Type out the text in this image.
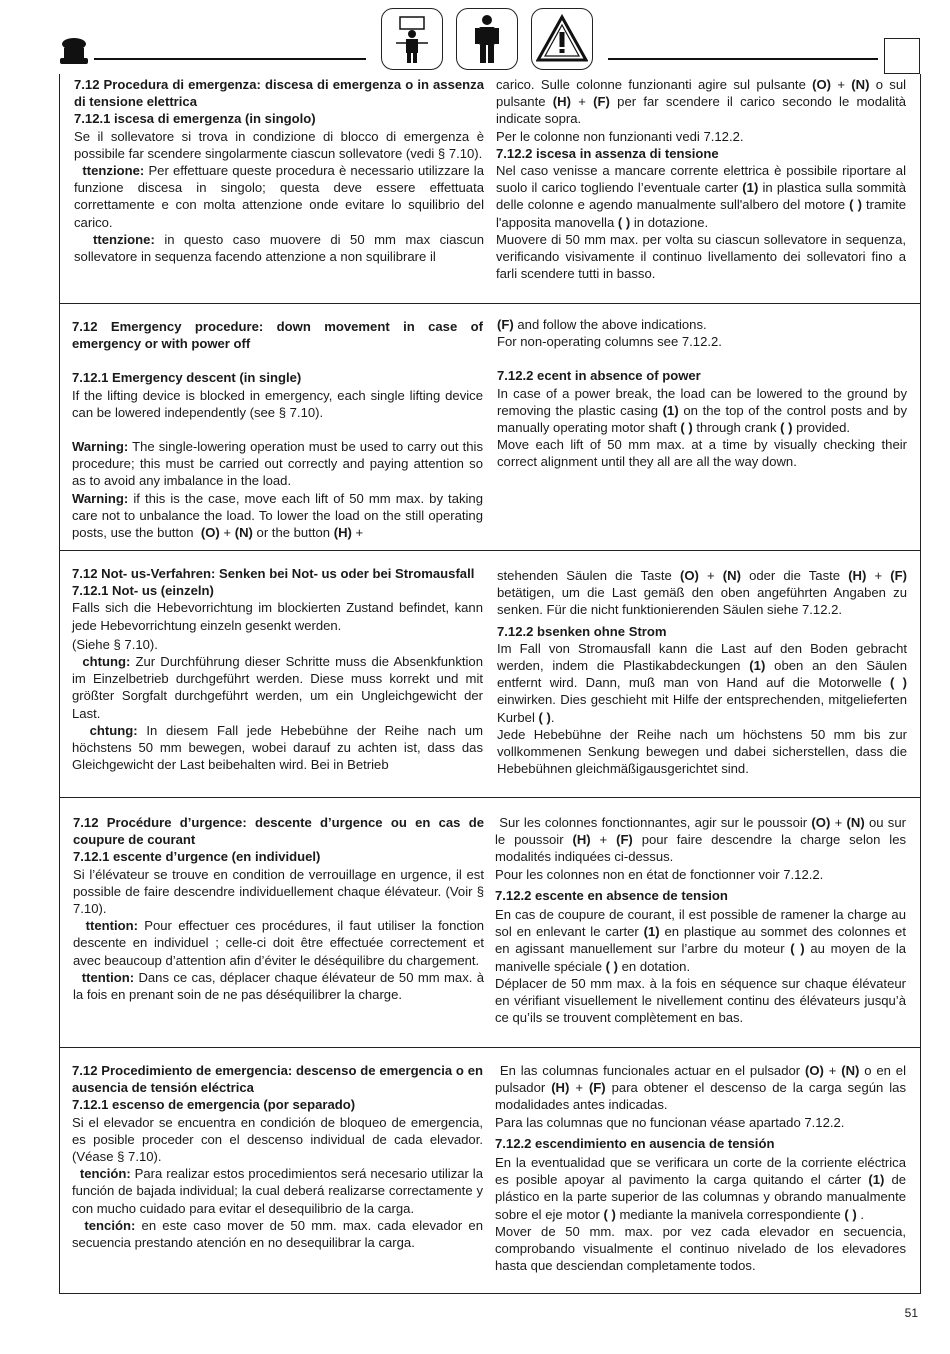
7.12 Procedura di emergenza: discesa di emergenza o in assenza di tensione elettrica

7.12.1 iscesa di emergenza (in singolo)

Se il sollevatore si trova in condizione di blocco di emergenza è possibile far scendere singolarmente ciascun sollevatore (vedi § 7.10).

ttenzione: Per effettuare queste procedura è necessario utilizzare la funzione discesa in singolo; questa deve essere effettuata correttamente e con molta attenzione onde evitare lo squilibrio del carico.

ttenzione: in questo caso muovere di 50 mm max ciascun sollevatore in sequenza facendo attenzione a non squilibrare il

carico. Sulle colonne funzionanti agire sul pulsante (O) + (N) o sul pulsante (H) + (F) per far scendere il carico secondo le modalità indicate sopra.

Per le colonne non funzionanti vedi 7.12.2.

7.12.2 iscesa in assenza di tensione

Nel caso venisse a mancare corrente elettrica è possibile riportare al suolo il carico togliendo l’eventuale carter (1) in plastica sulla sommità delle colonne e agendo manualmente sull'albero del motore ( ) tramite l'apposita manovella ( ) in dotazione.

Muovere di 50 mm max. per volta su ciascun sollevatore in sequenza, verificando visivamente il continuo livellamento dei sollevatori fino a farli scendere tutti in basso.

7.12 Emergency procedure: down movement in case of emergency or with power off

7.12.1 Emergency descent (in single)

If the lifting device is blocked in emergency, each single lifting device can be lowered independently (see § 7.10).

Warning: The single-lowering operation must be used to carry out this procedure; this must be carried out correctly and paying attention so as to avoid any imbalance in the load.

Warning: if this is the case, move each lift of 50 mm max. by taking care not to unbalance the load. To lower the load on the still operating posts, use the button (O) + (N) or the button (H) +

(F) and follow the above indications.

For non-operating columns see 7.12.2.

7.12.2 ecent in absence of power

In case of a power break, the load can be lowered to the ground by removing the plastic casing (1) on the top of the control posts and by manually operating motor shaft ( ) through crank ( ) provided.

Move each lift of 50 mm max. at a time by visually checking their correct alignment until they all are all the way down.

7.12 Not- us-Verfahren: Senken bei Not- us oder bei Stromausfall

7.12.1 Not- us (einzeln)

Falls sich die Hebevorrichtung im blockierten Zustand befindet, kann jede Hebevorrichtung einzeln gesenkt werden.

(Siehe § 7.10).

chtung: Zur Durchführung dieser Schritte muss die Absenkfunktion im Einzelbetrieb durchgeführt werden. Diese muss korrekt und mit größter Sorgfalt durchgeführt werden, um ein Ungleichgewicht der Last.

chtung: In diesem Fall jede Hebebühne der Reihe nach um höchstens 50 mm bewegen, wobei darauf zu achten ist, dass das Gleichgewicht der Last beibehalten wird. Bei in Betrieb

stehenden Säulen die Taste (O) + (N) oder die Taste (H) + (F) betätigen, um die Last gemäß den oben angeführten Angaben zu senken. Für die nicht funktionierenden Säulen siehe 7.12.2.

7.12.2 bsenken ohne Strom

Im Fall von Stromausfall kann die Last auf den Boden gebracht werden, indem die Plastikabdeckungen (1) oben an den Säulen entfernt wird. Dann, muß man von Hand auf die Motorwelle ( ) einwirken. Dies geschieht mit Hilfe der entsprechenden, mitgelieferten Kurbel ( ).

Jede Hebebühne der Reihe nach um höchstens 50 mm bis zur vollkommenen Senkung bewegen und dabei sicherstellen, dass die Hebebühnen gleichmäßigausgerichtet sind.

7.12 Procédure d’urgence: descente d’urgence ou en cas de coupure de courant

7.12.1 escente d’urgence (en individuel)

Si l’élévateur se trouve en condition de verrouillage en urgence, il est possible de faire descendre individuellement chaque élévateur. (Voir § 7.10).

ttention: Pour effectuer ces procédures, il faut utiliser la fonction descente en individuel ; celle-ci doit être effectuée correctement et avec beaucoup d’attention afin d’éviter le déséquilibre du chargement.

ttention: Dans ce cas, déplacer chaque élévateur de 50 mm max. à la fois en prenant soin de ne pas déséquilibrer la charge.

Sur les colonnes fonctionnantes, agir sur le poussoir (O) + (N) ou sur le poussoir (H) + (F) pour faire descendre la charge selon les modalités indiquées ci-dessus.

Pour les colonnes non en état de fonctionner voir 7.12.2.

7.12.2 escente en absence de tension

En cas de coupure de courant, il est possible de ramener la charge au sol en enlevant le carter (1) en plastique au sommet des colonnes et en agissant manuellement sur l’arbre du moteur ( ) au moyen de la manivelle spéciale ( ) en dotation.

Déplacer de 50 mm max. à la fois en séquence sur chaque élévateur en vérifiant visuellement le nivellement continu des élévateurs jusqu’à ce qu’ils se trouvent complètement en bas.

7.12 Procedimiento de emergencia: descenso de emergencia o en ausencia de tensión eléctrica

7.12.1 escenso de emergencia (por separado)

Si el elevador se encuentra en condición de bloqueo de emergencia, es posible proceder con el descenso individual de cada elevador. (Véase § 7.10).

tención: Para realizar estos procedimientos será necesario utilizar la función de bajada individual; la cual deberá realizarse correctamente y con mucho cuidado para evitar el desequilibrio de la carga.

tención: en este caso mover de 50 mm. max. cada elevador en secuencia prestando atención en no desequilibrar la carga.

En las columnas funcionales actuar en el pulsador (O) + (N) o en el pulsador (H) + (F) para obtener el descenso de la carga según las modalidades antes indicadas.

Para las columnas que no funcionan véase apartado 7.12.2.

7.12.2 escendimiento en ausencia de tensión

En la eventualidad que se verificara un corte de la corriente eléctrica es posible apoyar al pavimento la carga quitando el cárter (1) de plástico en la parte superior de las columnas y obrando manualmente sobre el eje motor ( ) mediante la manivela correspondiente ( ) .

Mover de 50 mm. max. por vez cada elevador en secuencia, comprobando visualmente el continuo nivelado de los elevadores hasta que desciendan completamente todos.

51
